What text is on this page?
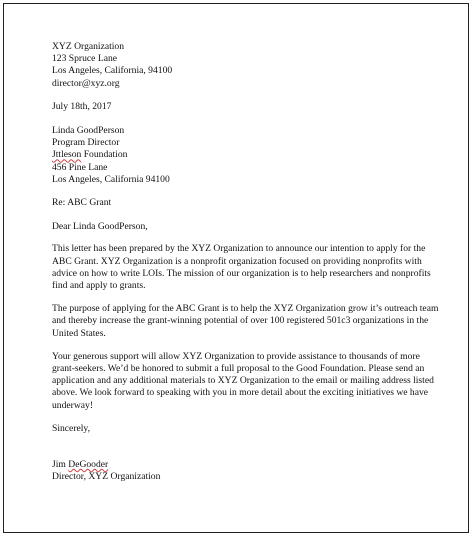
XYZ Organization
123 Spruce Lane
Los Angeles, California, 94100
director@xyz.org
July 18th, 2017
Linda GoodPerson
Program Director
Jttleson Foundation
456 Pine Lane
Los Angeles, California 94100
Re: ABC Grant
Dear Linda GoodPerson,
This letter has been prepared by the XYZ Organization to announce our intention to apply for the ABC Grant. XYZ Organization is a nonprofit organization focused on providing nonprofits with advice on how to write LOIs. The mission of our organization is to help researchers and nonprofits find and apply to grants.
The purpose of applying for the ABC Grant is to help the XYZ Organization grow it’s outreach team and thereby increase the grant-winning potential of over 100 registered 501c3 organizations in the United States.
Your generous support will allow XYZ Organization to provide assistance to thousands of more grant-seekers. We’d be honored to submit a full proposal to the Good Foundation. Please send an application and any additional materials to XYZ Organization to the email or mailing address listed above. We look forward to speaking with you in more detail about the exciting initiatives we have underway!
Sincerely,
Jim DeGooder
Director, XYZ Organization
